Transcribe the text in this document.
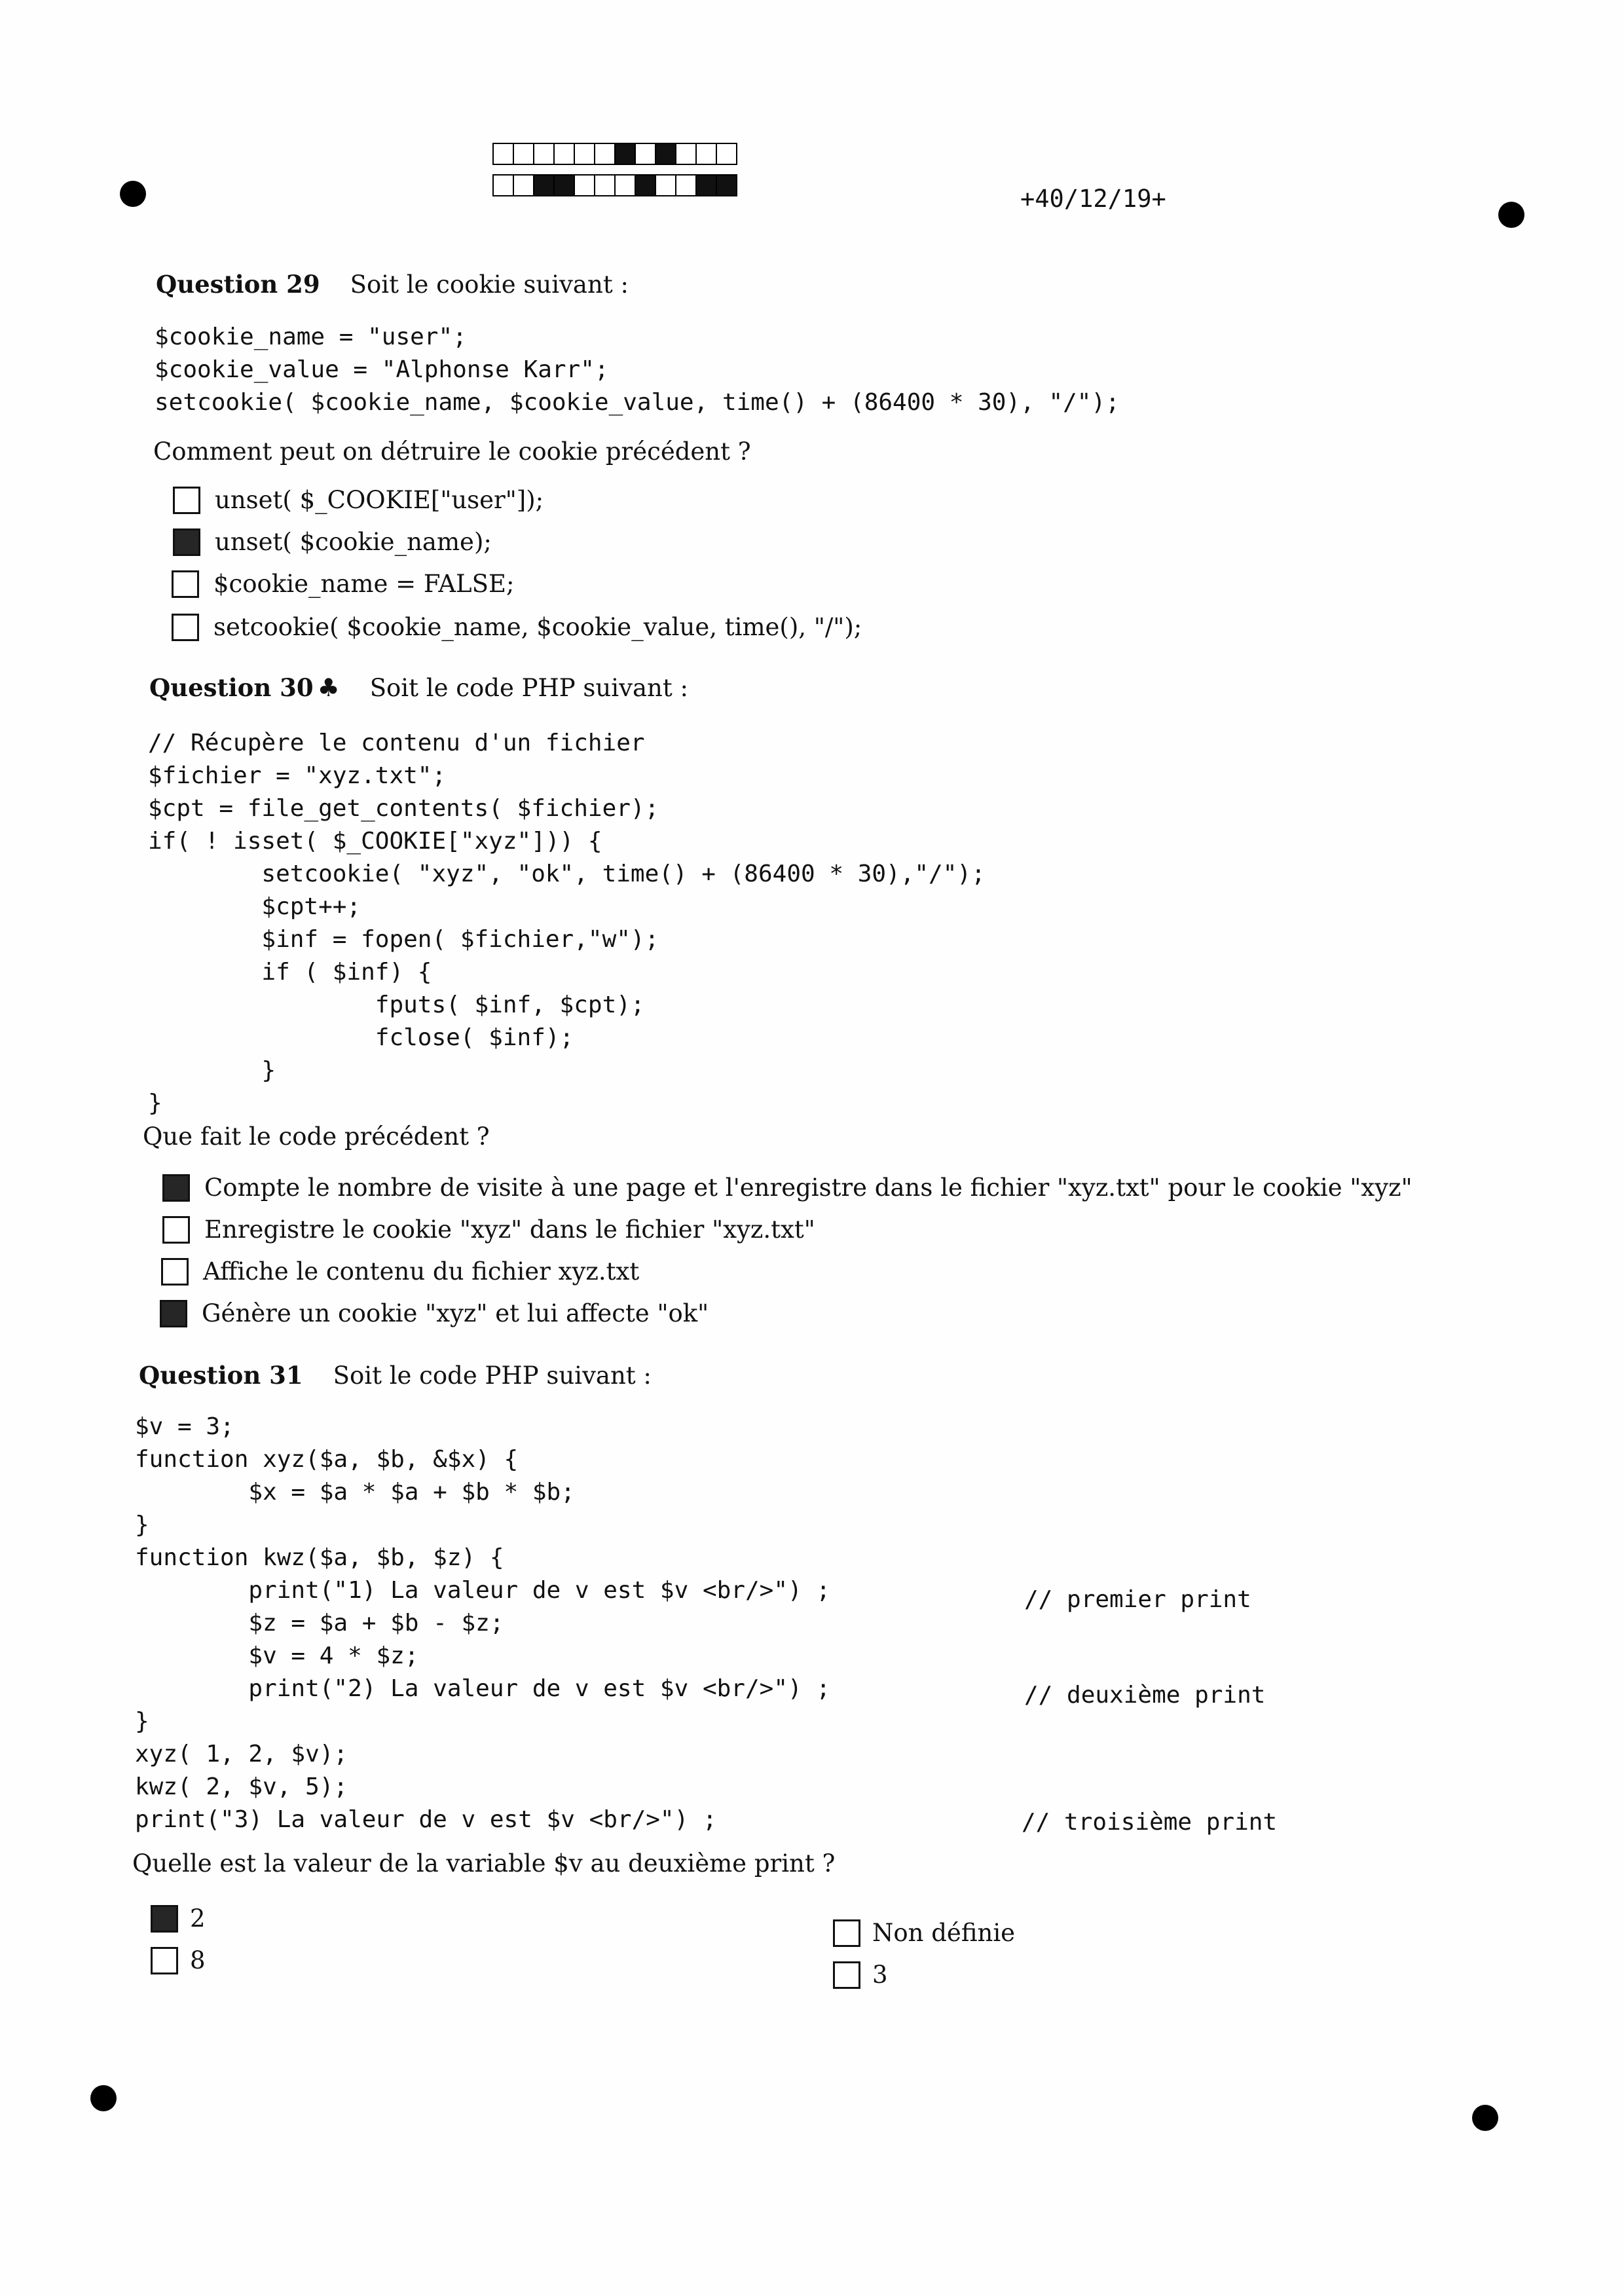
+40/12/19+
Question 29 Soit le cookie suivant :
$cookie_name = "user";
$cookie_value = "Alphonse Karr";
setcookie( $cookie_name, $cookie_value, time() + (86400 * 30), "/");
Comment peut on détruire le cookie précédent ?
unset( $_COOKIE["user"]);
unset( $cookie_name);
$cookie_name = FALSE;
setcookie( $cookie_name, $cookie_value, time(), "/");
Question 30 ♣ Soit le code PHP suivant :
// Récupère le contenu d'un fichier
$fichier = "xyz.txt";
$cpt = file_get_contents( $fichier);
if( ! isset( $_COOKIE["xyz"])) {
setcookie( "xyz", "ok", time() + (86400 * 30),"/");
$cpt++;
$inf = fopen( $fichier,"w");
if ( $inf) {
fputs( $inf, $cpt);
fclose( $inf);
}
}
Que fait le code précédent ?
Compte le nombre de visite à une page et l'enregistre dans le fichier "xyz.txt" pour le cookie "xyz"
Enregistre le cookie "xyz" dans le fichier "xyz.txt"
Affiche le contenu du fichier xyz.txt
Génère un cookie "xyz" et lui affecte "ok"
Question 31 Soit le code PHP suivant :
$v = 3;
function xyz($a, $b, &$x) {
$x = $a * $a + $b * $b;
}
function kwz($a, $b, $z) {
print("1) La valeur de v est $v <br/>") ;
$z = $a + $b - $z;
$v = 4 * $z;
print("2) La valeur de v est $v <br/>") ;
}
xyz( 1, 2, $v);
kwz( 2, $v, 5);
print("3) La valeur de v est $v <br/>") ;
// premier print
// deuxième print
// troisième print
Quelle est la valeur de la variable $v au deuxième print ?
2
8
Non définie
3
